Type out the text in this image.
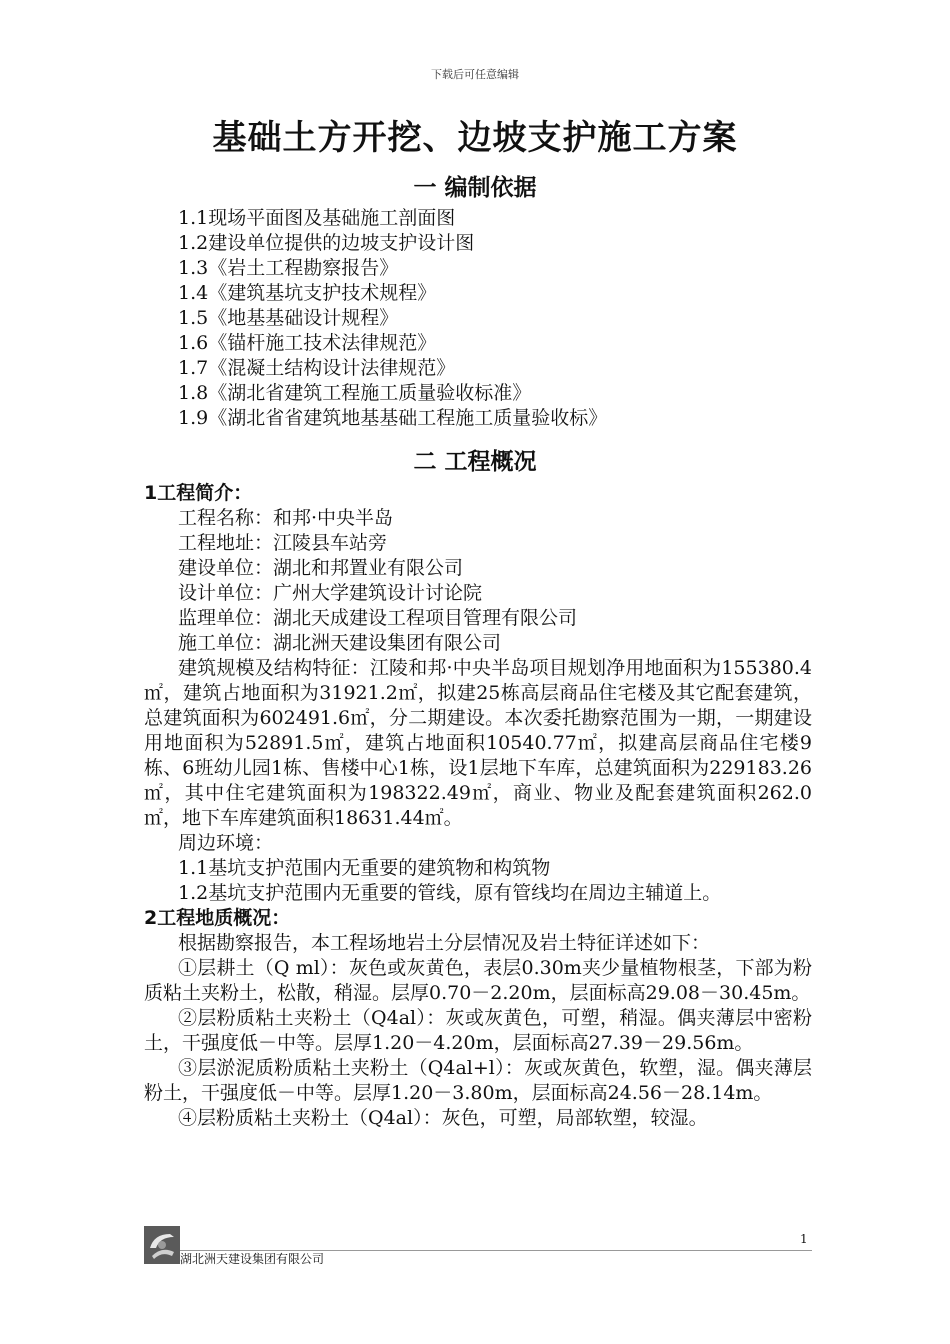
下载后可任意编辑
基础土方开挖、边坡支护施工方案
一 编制依据
1.1现场平面图及基础施工剖面图
1.2建设单位提供的边坡支护设计图
1.3《岩土工程勘察报告》
1.4《建筑基坑支护技术规程》
1.5《地基基础设计规程》
1.6《锚杆施工技术法律规范》
1.7《混凝土结构设计法律规范》
1.8《湖北省建筑工程施工质量验收标准》
1.9《湖北省省建筑地基基础工程施工质量验收标》
二 工程概况

1工程简介：

工程名称：和邦·中央半岛

工程地址：江陵县车站旁

建设单位：湖北和邦置业有限公司

设计单位：广州大学建筑设计讨论院

监理单位：湖北天成建设工程项目管理有限公司

施工单位：湖北洲天建设集团有限公司

建筑规模及结构特征：江陵和邦·中央半岛项目规划净用地面积为155380.4㎡，建筑占地面积为31921.2㎡，拟建25栋高层商品住宅楼及其它配套建筑，总建筑面积为602491.6㎡，分二期建设。本次委托勘察范围为一期，一期建设用地面积为52891.5㎡，建筑占地面积10540.77㎡，拟建高层商品住宅楼9栋、6班幼儿园1栋、售楼中心1栋，设1层地下车库，总建筑面积为229183.26㎡，其中住宅建筑面积为198322.49㎡，商业、物业及配套建筑面积262.0㎡，地下车库建筑面积18631.44㎡。

周边环境：

1.1基坑支护范围内无重要的建筑物和构筑物

1.2基坑支护范围内无重要的管线，原有管线均在周边主辅道上。

2工程地质概况：

根据勘察报告，本工程场地岩土分层情况及岩土特征详述如下：

①层耕土（Q ml）：灰色或灰黄色，表层0.30m夹少量植物根茎，下部为粉质粘土夹粉土，松散，稍湿。层厚0.70－2.20m，层面标高29.08－30.45m。

②层粉质粘土夹粉土（Q4al）：灰或灰黄色，可塑，稍湿。偶夹薄层中密粉土，干强度低－中等。层厚1.20－4.20m，层面标高27.39－29.56m。

③层淤泥质粉质粘土夹粉土（Q4al+l）：灰或灰黄色，软塑，湿。偶夹薄层粉土，干强度低－中等。层厚1.20－3.80m，层面标高24.56－28.14m。

④层粉质粘土夹粉土（Q4al）：灰色，可塑，局部软塑，较湿。

1
湖北洲天建设集团有限公司
